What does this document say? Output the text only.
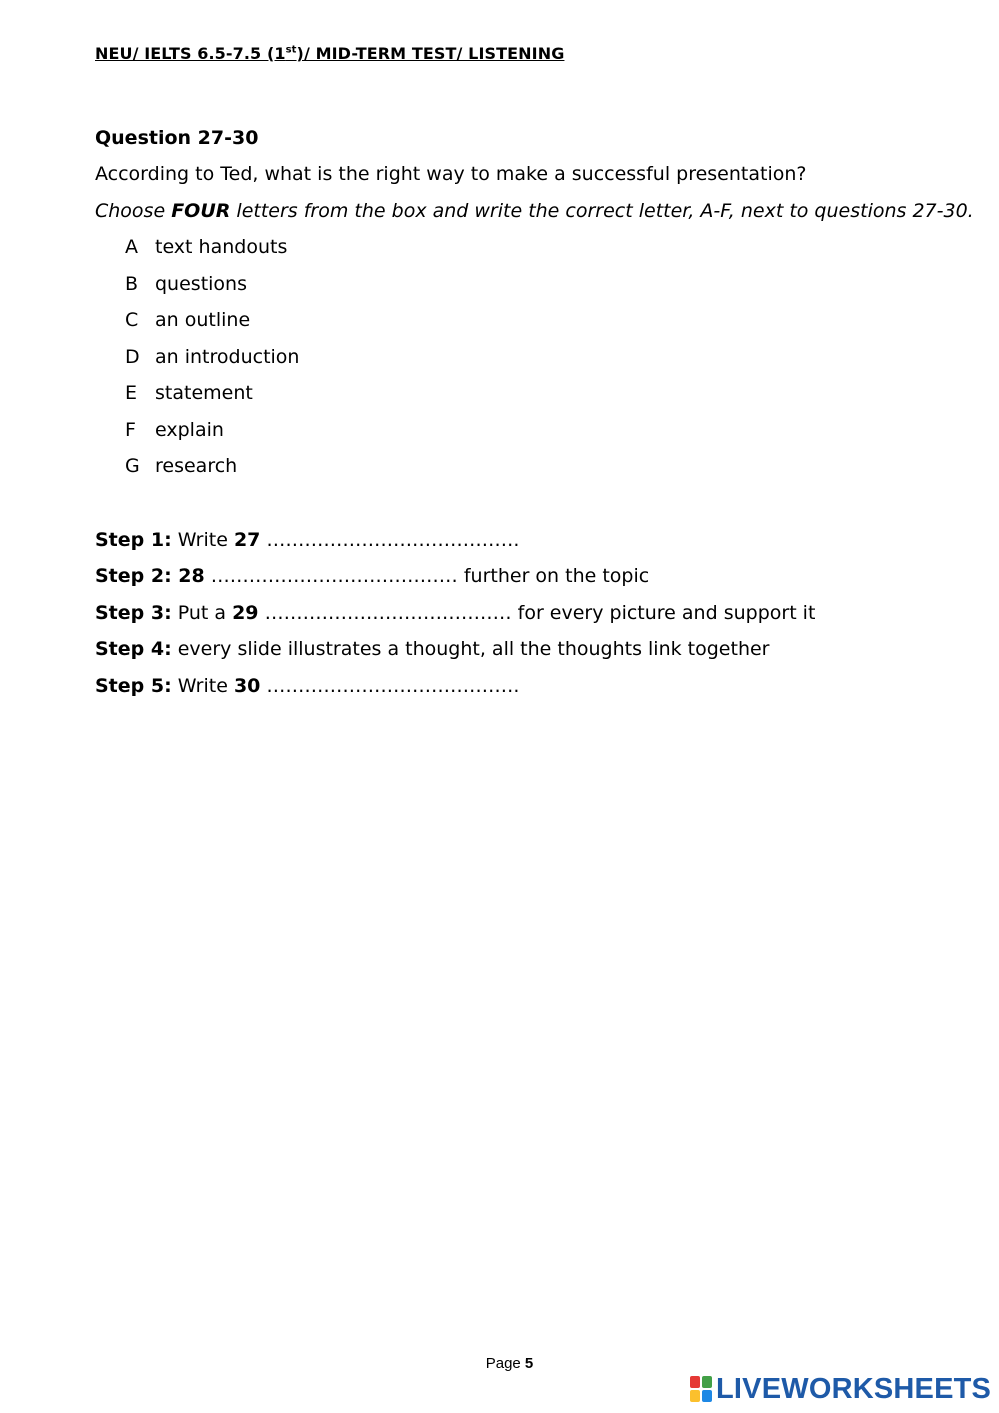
NEU/ IELTS 6.5-7.5 (1st)/ MID-TERM TEST/ LISTENING
Question 27-30
According to Ted, what is the right way to make a successful presentation?
Choose FOUR letters from the box and write the correct letter, A-F, next to questions 27-30.
A text handouts
B questions
C an outline
D an introduction
E statement
F	explain
G research
Step 1: Write 27 ………………………………….
Step 2: 28 ………………………………… further on the topic
Step 3: Put a 29 ………………………………… for every picture and support it
Step 4: every slide illustrates a thought, all the thoughts link together
Step 5: Write 30 ………………………………….
Page 5
LIVEWORKSHEETS
